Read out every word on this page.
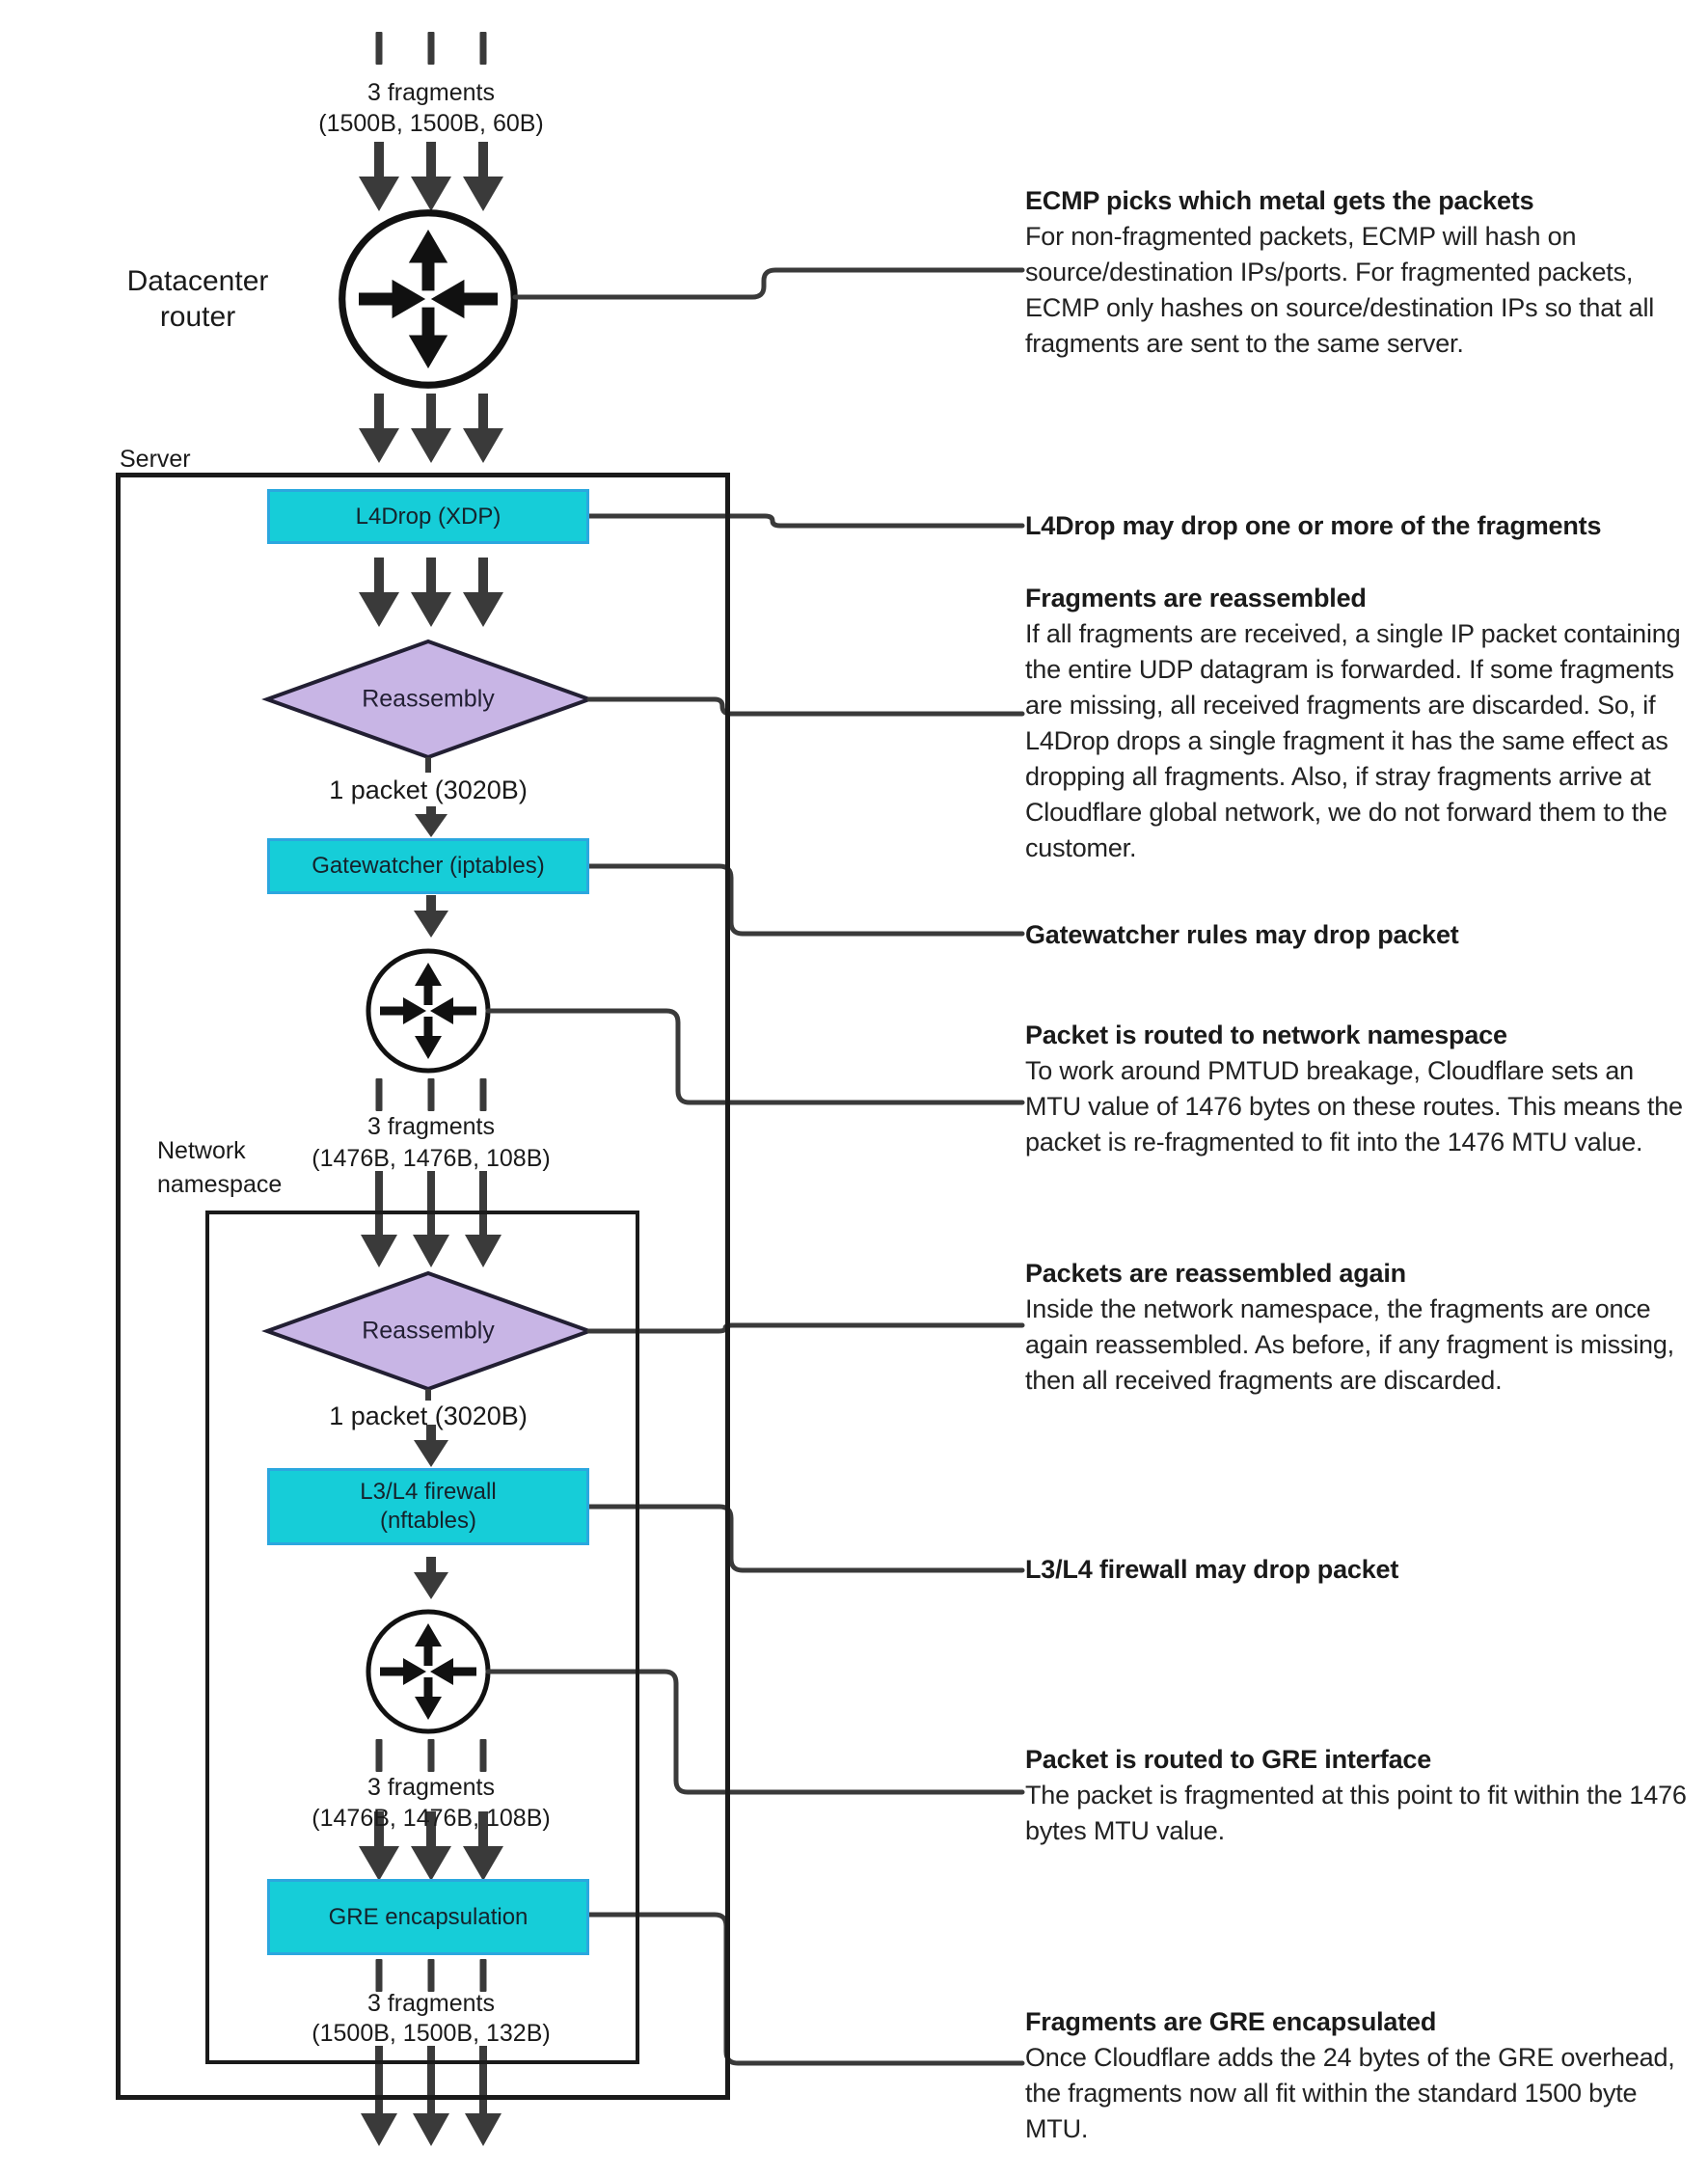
L4Drop (XDP)
Gatewatcher (iptables)
L3/L4 firewall
(nftables)
GRE encapsulation
Reassembly
Reassembly
3 fragments
(1500B, 1500B, 60B)
1 packet (3020B)
3 fragments
(1476B, 1476B, 108B)
1 packet (3020B)
3 fragments
(1476B, 1476B, 108B)
3 fragments
(1500B, 1500B, 132B)
Datacenter router
Server
Network namespace
ECMP picks which metal gets the packets

For non-fragmented packets, ECMP will hash on source/destination IPs/ports. For fragmented packets, ECMP only hashes on source/destination IPs so that all fragments are sent to the same server.

L4Drop may drop one or more of the fragments
Fragments are reassembled

If all fragments are received, a single IP packet containing the entire UDP datagram is forwarded. If some fragments are missing, all received fragments are discarded. So, if L4Drop drops a single fragment it has the same effect as dropping all fragments. Also, if stray fragments arrive at Cloudflare global network, we do not forward them to the customer.

Gatewatcher rules may drop packet
Packet is routed to network namespace

To work around PMTUD breakage, Cloudflare sets an MTU value of 1476 bytes on these routes. This means the packet is re-fragmented to fit into the 1476 MTU value.

Packets are reassembled again

Inside the network namespace, the fragments are once again reassembled. As before, if any fragment is missing, then all received fragments are discarded.

L3/L4 firewall may drop packet
Packet is routed to GRE interface

The packet is fragmented at this point to fit within the 1476 bytes MTU value.

Fragments are GRE encapsulated

Once Cloudflare adds the 24 bytes of the GRE overhead, the fragments now all fit within the standard 1500 byte MTU.
